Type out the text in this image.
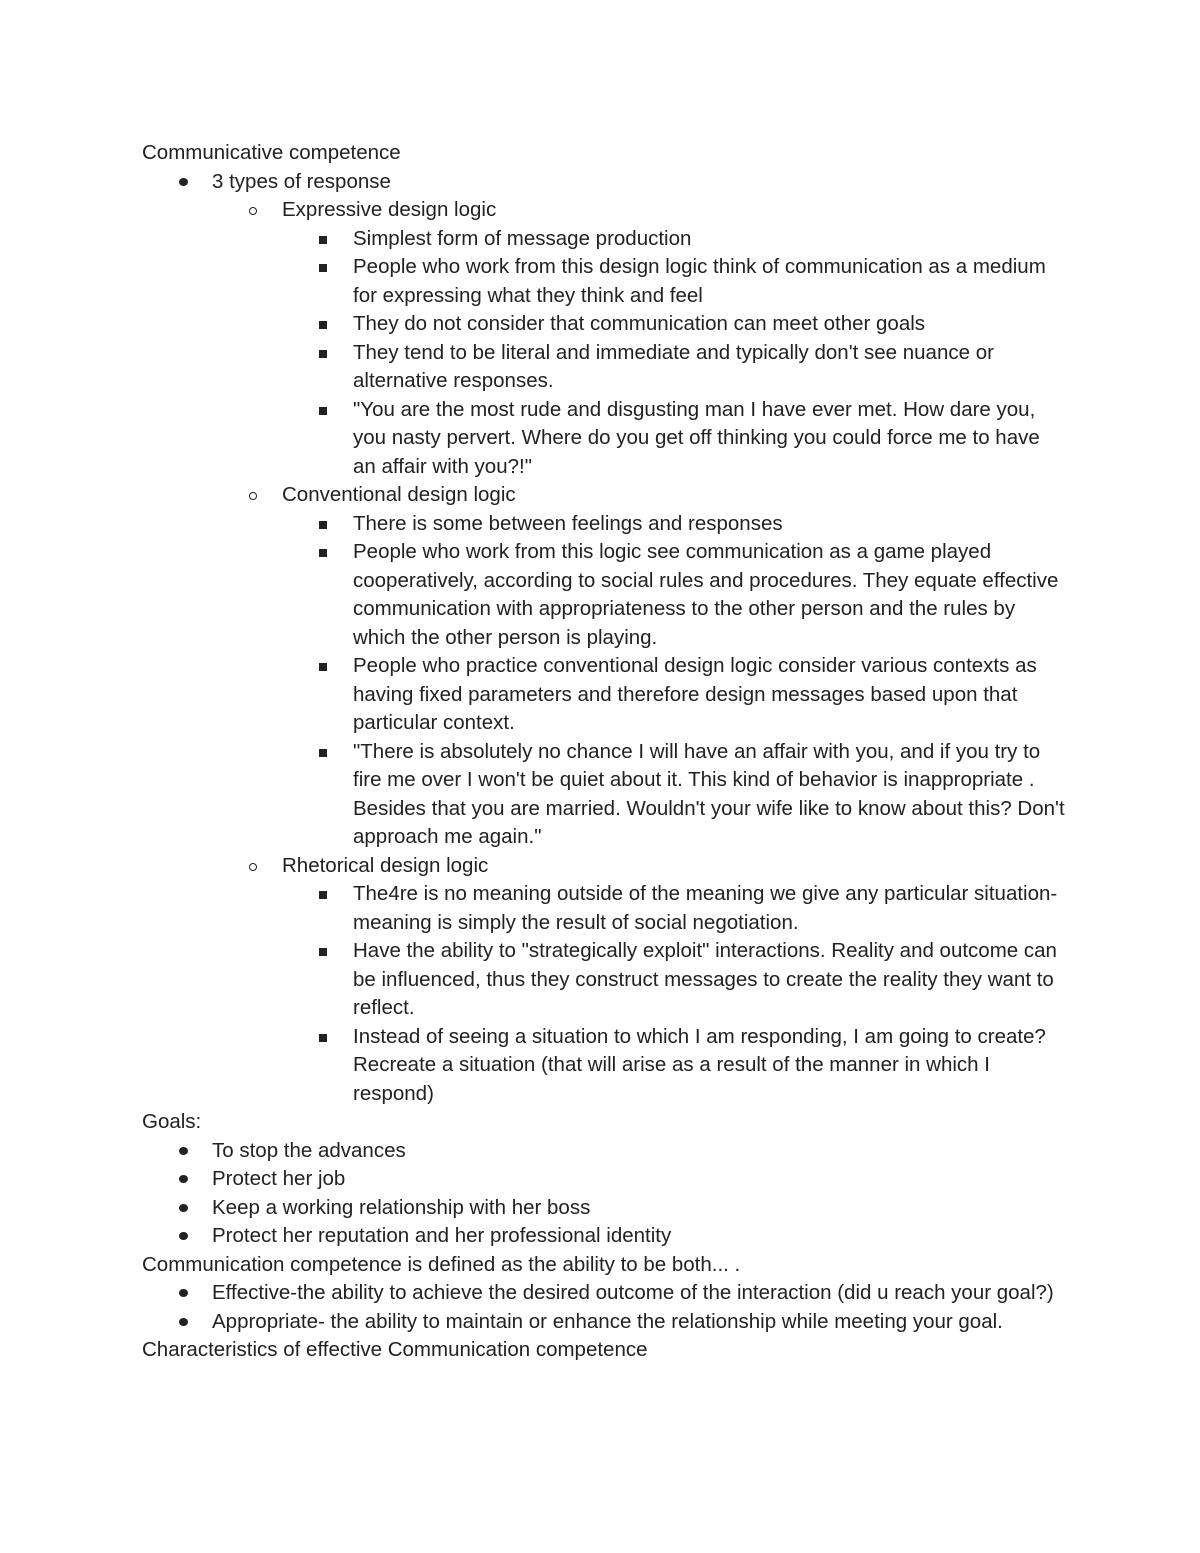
Communicative competence

3 types of response
Expressive design logic
Simplest form of message production
People who work from this design logic think of communication as a medium for expressing what they think and feel
They do not consider that communication can meet other goals
They tend to be literal and immediate and typically don't see nuance or alternative responses.
"You are the most rude and disgusting man I have ever met. How dare you, you nasty pervert. Where do you get off thinking you could force me to have an affair with you?!"
Conventional design logic
There is some between feelings and responses
People who work from this logic see communication as a game played cooperatively, according to social rules and procedures. They equate effective communication with appropriateness to the other person and the rules by which the other person is playing.
People who practice conventional design logic consider various contexts as having fixed parameters and therefore design messages based upon that particular context.
"There is absolutely no chance I will have an affair with you, and if you try to fire me over I won't be quiet about it. This kind of behavior is inappropriate . Besides that you are married. Wouldn't your wife like to know about this? Don't approach me again."
Rhetorical design logic
The4re is no meaning outside of the meaning we give any particular situation-meaning is simply the result of social negotiation.
Have the ability to "strategically exploit" interactions. Reality and outcome can be influenced, thus they construct messages to create the reality they want to reflect.
Instead of seeing a situation to which I am responding, I am going to create? Recreate a situation (that will arise as a result of the manner in which I respond)

Goals:

To stop the advances
Protect her job
Keep a working relationship with her boss
Protect her reputation and her professional identity

Communication competence is defined as the ability to be both... .

Effective-the ability to achieve the desired outcome of the interaction (did u reach your goal?)
Appropriate- the ability to maintain or enhance the relationship while meeting your goal.

Characteristics of effective Communication competence
